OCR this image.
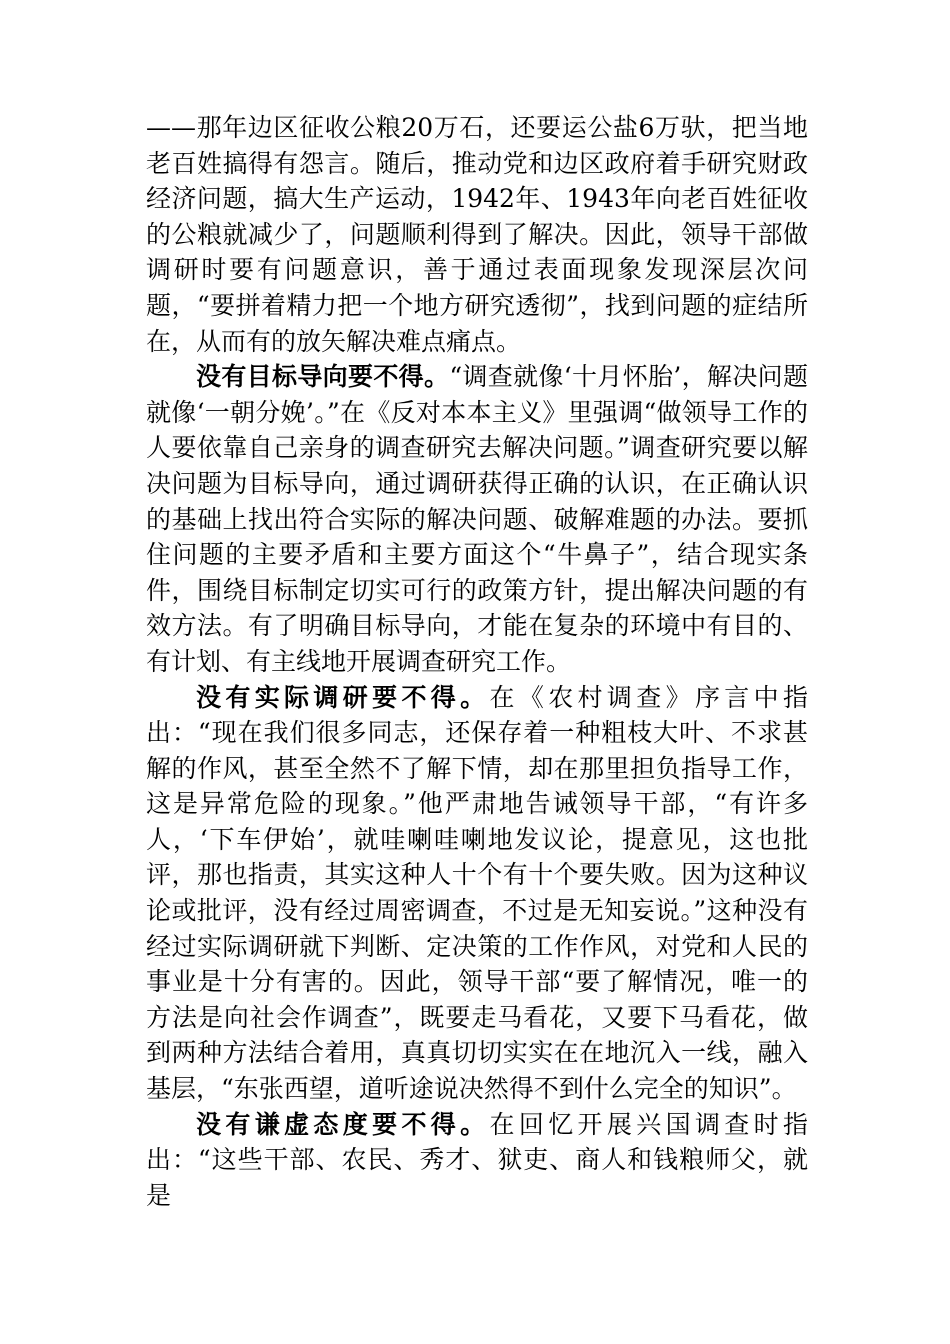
——那年边区征收公粮20万石，还要运公盐6万驮，把当地老百姓搞得有怨言。随后，推动党和边区政府着手研究财政经济问题，搞大生产运动，1942年、1943年向老百姓征收的公粮就减少了，问题顺利得到了解决。因此，领导干部做调研时要有问题意识，善于通过表面现象发现深层次问题，“要拼着精力把一个地方研究透彻”，找到问题的症结所在，从而有的放矢解决难点痛点。

没有目标导向要不得。“调查就像‘十月怀胎’，解决问题就像‘一朝分娩’。”在《反对本本主义》里强调“做领导工作的人要依靠自己亲身的调查研究去解决问题。”调查研究要以解决问题为目标导向，通过调研获得正确的认识，在正确认识的基础上找出符合实际的解决问题、破解难题的办法。要抓住问题的主要矛盾和主要方面这个“牛鼻子”，结合现实条件，围绕目标制定切实可行的政策方针，提出解决问题的有效方法。有了明确目标导向，才能在复杂的环境中有目的、有计划、有主线地开展调查研究工作。

没有实际调研要不得。在《农村调查》序言中指出：“现在我们很多同志，还保存着一种粗枝大叶、不求甚解的作风，甚至全然不了解下情，却在那里担负指导工作，这是异常危险的现象。”他严肃地告诫领导干部，“有许多人，‘下车伊始’，就哇喇哇喇地发议论，提意见，这也批评，那也指责，其实这种人十个有十个要失败。因为这种议论或批评，没有经过周密调查，不过是无知妄说。”这种没有经过实际调研就下判断、定决策的工作作风，对党和人民的事业是十分有害的。因此，领导干部“要了解情况，唯一的方法是向社会作调查”，既要走马看花，又要下马看花，做到两种方法结合着用，真真切切实实在在地沉入一线，融入基层，“东张西望，道听途说决然得不到什么完全的知识”。

没有谦虚态度要不得。在回忆开展兴国调查时指出：“这些干部、农民、秀才、狱吏、商人和钱粮师父，就是
